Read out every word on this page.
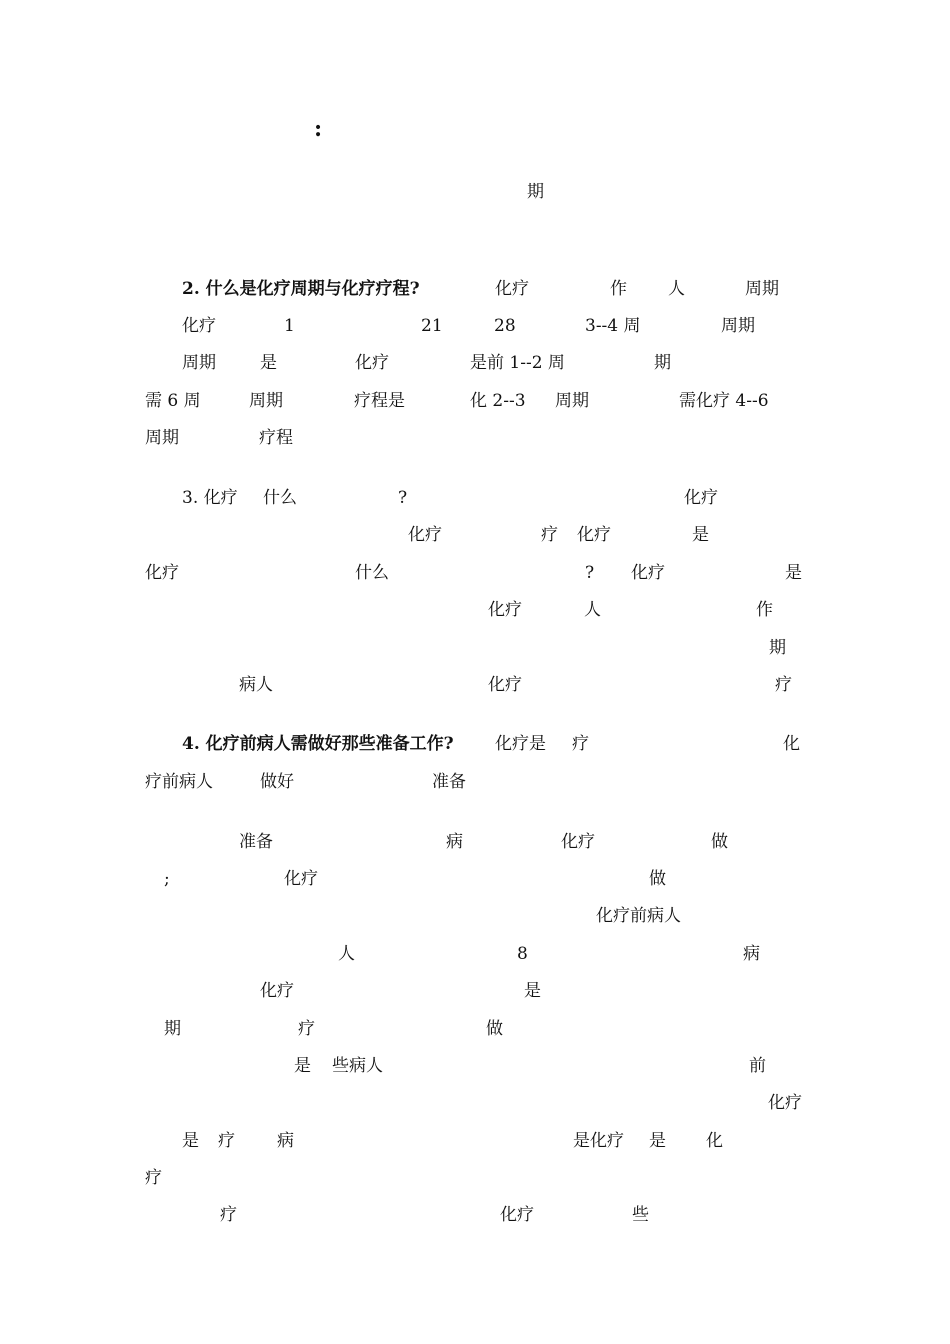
:
期
2. 什么是化疗周期与化疗疗程?	化疗	作 人	周期
化疗	1	21	28	3--4 周	周期
周期	是	化疗	是前 1--2 周	期
需 6 周	周期	疗程是	化 2--3 周期	需化疗 4--6
周期	疗程
3. 化疗 什么	?	化疗
化疗	疗 化疗	是
化疗	什么	? 化疗	是
化疗	人	作
期
病人	化疗	疗
4. 化疗前病人需做好那些准备工作? 化疗是 疗	化
疗前病人	做好	准备
准备	病	化疗	做
;	化疗	做
化疗前病人
人	8	病
化疗	是
期	疗	做
是 些病人	前
化疗
是 疗 病	是化疗 是 化
疗
疗	化疗	些
